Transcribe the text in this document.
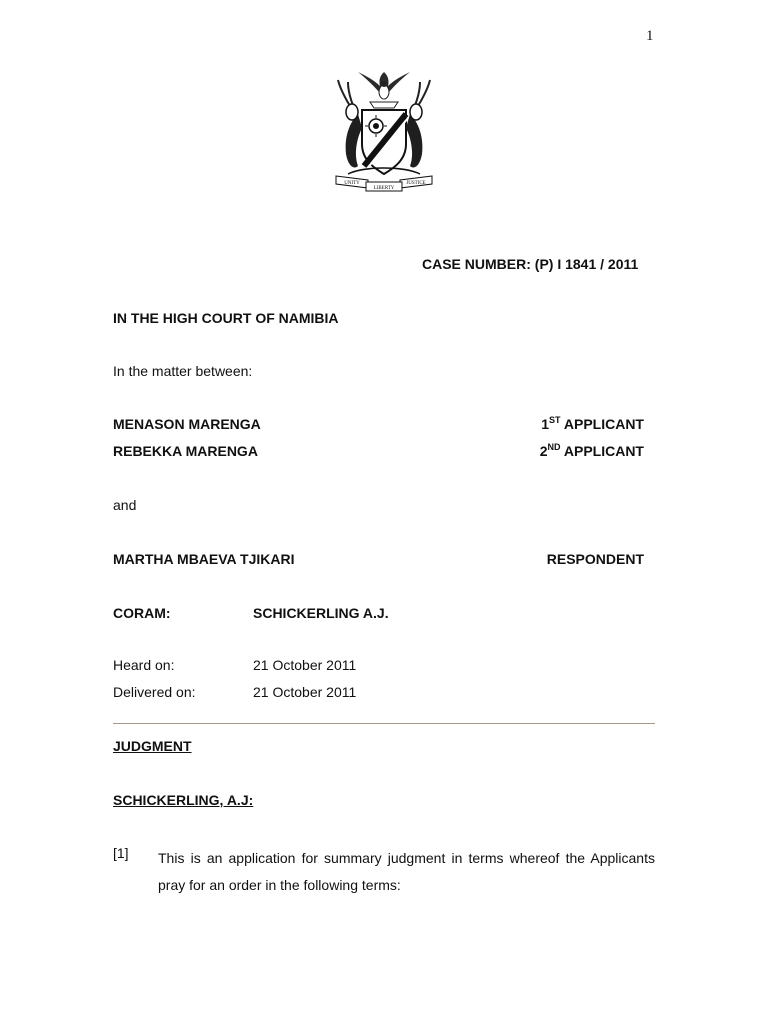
1
UNITY
LIBERTY
JUSTICE
CASE NUMBER: (P) I 1841 / 2011
IN THE HIGH COURT OF NAMIBIA
In the matter between:
MENASON MARENGA	1ST APPLICANT
REBEKKA MARENGA	2ND APPLICANT
and
MARTHA MBAEVA TJIKARI	RESPONDENT
CORAM:	SCHICKERLING A.J.
Heard on:	21 October 2011
Delivered on:	21 October 2011
JUDGMENT
SCHICKERLING, A.J:
[1] This is an application for summary judgment in terms whereof the Applicants pray for an order in the following terms:
